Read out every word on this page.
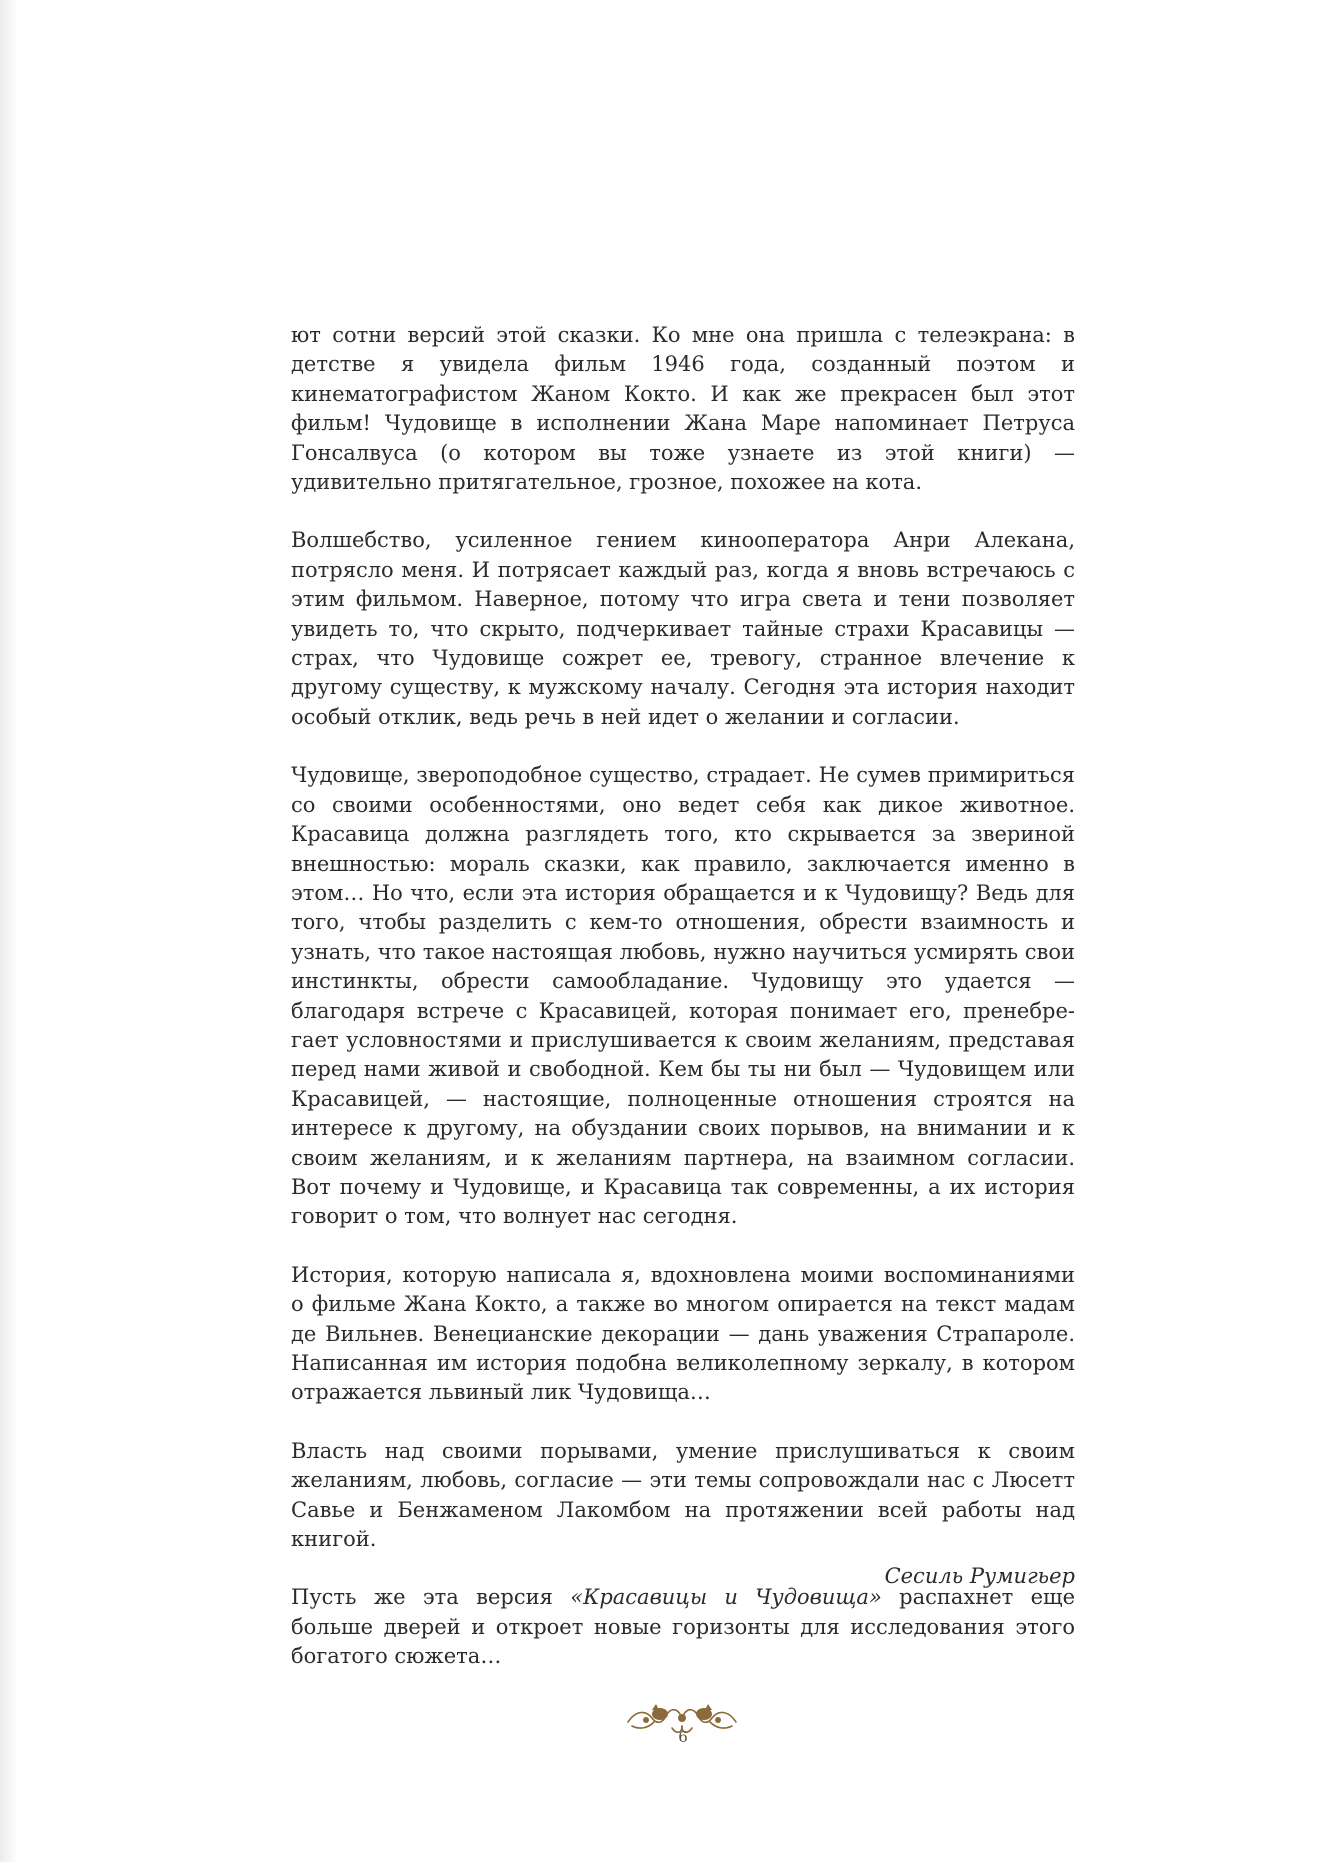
ют сотни версий этой сказки. Ко мне она пришла с телеэкрана: в детстве я увидела фильм 1946 года, созданный поэтом и кинематографистом Жаном Кокто. И как же прекрасен был этот фильм! Чудовище в исполнении Жана Маре напоминает Петруса Гонсалвуса (о котором вы тоже узнаете из этой книги) — удивительно притягательное, грозное, похожее на кота.

Волшебство, усиленное гением кинооператора Анри Алекана, потрясло меня. И потрясает каждый раз, когда я вновь встречаюсь с этим фильмом. Наверное, потому что игра света и тени позволяет увидеть то, что скрыто, подчеркивает тайные страхи Красавицы — страх, что Чудовище сожрет ее, тревогу, странное влечение к другому существу, к мужскому началу. Сегодня эта история находит особый отклик, ведь речь в ней идет о желании и согласии.

Чудовище, звероподобное существо, страдает. Не сумев примириться со своими особенностями, оно ведет себя как дикое животное. Красавица должна разглядеть того, кто скрывается за звериной внешностью: мораль сказки, как правило, заключается именно в этом… Но что, если эта история обращается и к Чудовищу? Ведь для того, чтобы разделить с кем-то отношения, обрести взаимность и узнать, что такое настоящая любовь, нужно научиться усмирять свои инстинкты, обрести самообладание. Чудовищу это удается — благодаря встрече с Красавицей, которая понимает его, пренебрегает условностями и прислушивается к своим желаниям, представая перед нами живой и свободной. Кем бы ты ни был — Чудовищем или Красавицей, — настоящие, полноценные отношения строятся на интересе к другому, на обуздании своих порывов, на внимании и к своим желаниям, и к желаниям партнера, на взаимном согласии. Вот почему и Чудовище, и Красавица так современны, а их история говорит о том, что волнует нас сегодня.

История, которую написала я, вдохновлена моими воспоминаниями о фильме Жана Кокто, а также во многом опирается на текст мадам де Вильнев. Венецианские декорации — дань уважения Страпароле. Написанная им история подобна великолепному зеркалу, в котором отражается львиный лик Чудовища…

Власть над своими порывами, умение прислушиваться к своим желаниям, любовь, согласие — эти темы сопровождали нас с Люсетт Савье и Бенжаменом Лакомбом на протяжении всей работы над книгой.

Пусть же эта версия «Красавицы и Чудовища» распахнет еще больше дверей и откроет новые горизонты для исследования этого богатого сюжета…

Сесиль Румигьер
6
